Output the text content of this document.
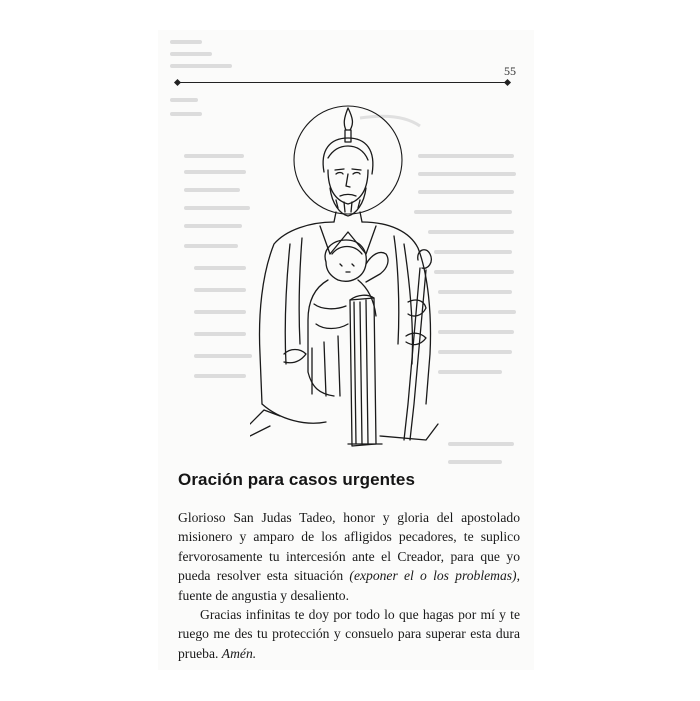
55
Oración para casos urgentes

Glorioso San Judas Tadeo, honor y gloria del apostolado misionero y amparo de los afligidos pecadores, te suplico fervorosamente tu intercesión ante el Creador, para que yo pueda resolver esta situación (exponer el o los problemas), fuente de angustia y desaliento.

Gracias infinitas te doy por todo lo que hagas por mí y te ruego me des tu protección y consuelo para superar esta dura prueba. Amén.
